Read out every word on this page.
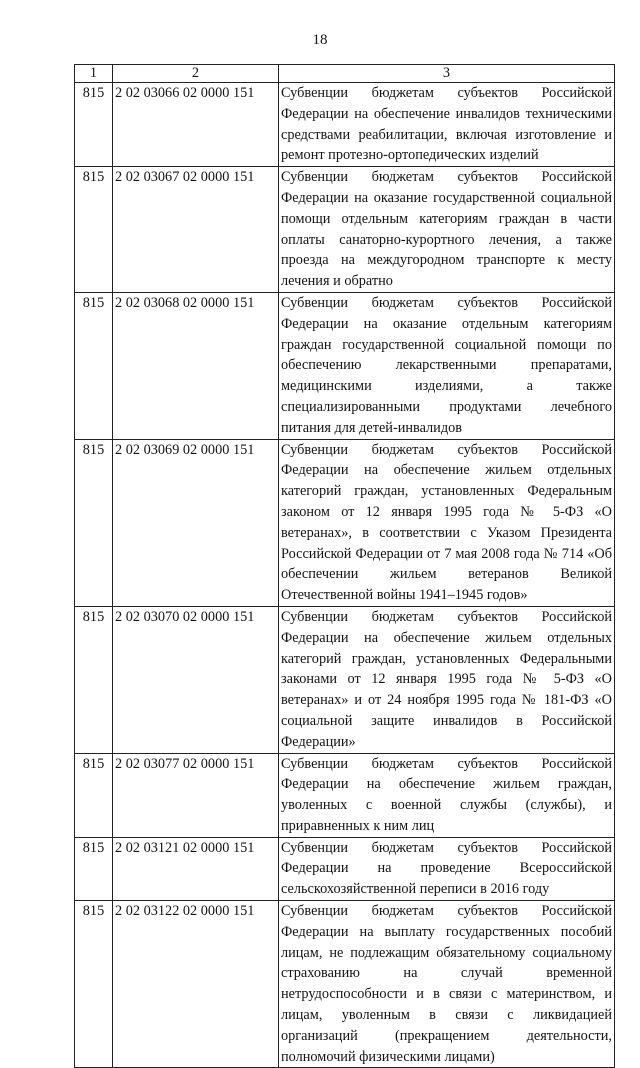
18
1	2	3
815	2 02 03066 02 0000 151	Субвенции бюджетам субъектов Российской Федерации на обеспечение инвалидов техническими средствами реабилитации, включая изготовление и ремонт протезно-ортопедических изделий
815	2 02 03067 02 0000 151	Субвенции бюджетам субъектов Российской Федерации на оказание государственной социальной помощи отдельным категориям граждан в части оплаты санаторно-курортного лечения, а также проезда на междугородном транспорте к месту лечения и обратно
815	2 02 03068 02 0000 151	Субвенции бюджетам субъектов Российской Федерации на оказание отдельным категориям граждан государственной социальной помощи по обеспечению лекарственными препаратами, медицинскими изделиями, а также специализированными продуктами лечебного питания для детей-инвалидов
815	2 02 03069 02 0000 151	Субвенции бюджетам субъектов Российской Федерации на обеспечение жильем отдельных категорий граждан, установленных Федеральным законом от 12 января 1995 года № 5-ФЗ «О ветеранах», в соответствии с Указом Президента Российской Федерации от 7 мая 2008 года № 714 «Об обеспечении жильем ветеранов Великой Отечественной войны 1941–1945 годов»
815	2 02 03070 02 0000 151	Субвенции бюджетам субъектов Российской Федерации на обеспечение жильем отдельных категорий граждан, установленных Федеральными законами от 12 января 1995 года № 5-ФЗ «О ветеранах» и от 24 ноября 1995 года № 181-ФЗ «О социальной защите инвалидов в Российской Федерации»
815	2 02 03077 02 0000 151	Субвенции бюджетам субъектов Российской Федерации на обеспечение жильем граждан, уволенных с военной службы (службы), и приравненных к ним лиц
815	2 02 03121 02 0000 151	Субвенции бюджетам субъектов Российской Федерации на проведение Всероссийской сельскохозяйственной переписи в 2016 году
815	2 02 03122 02 0000 151	Субвенции бюджетам субъектов Российской Федерации на выплату государственных пособий лицам, не подлежащим обязательному социальному страхованию на случай временной нетрудоспособности и в связи с материнством, и лицам, уволенным в связи с ликвидацией организаций (прекращением деятельности, полномочий физическими лицами)
